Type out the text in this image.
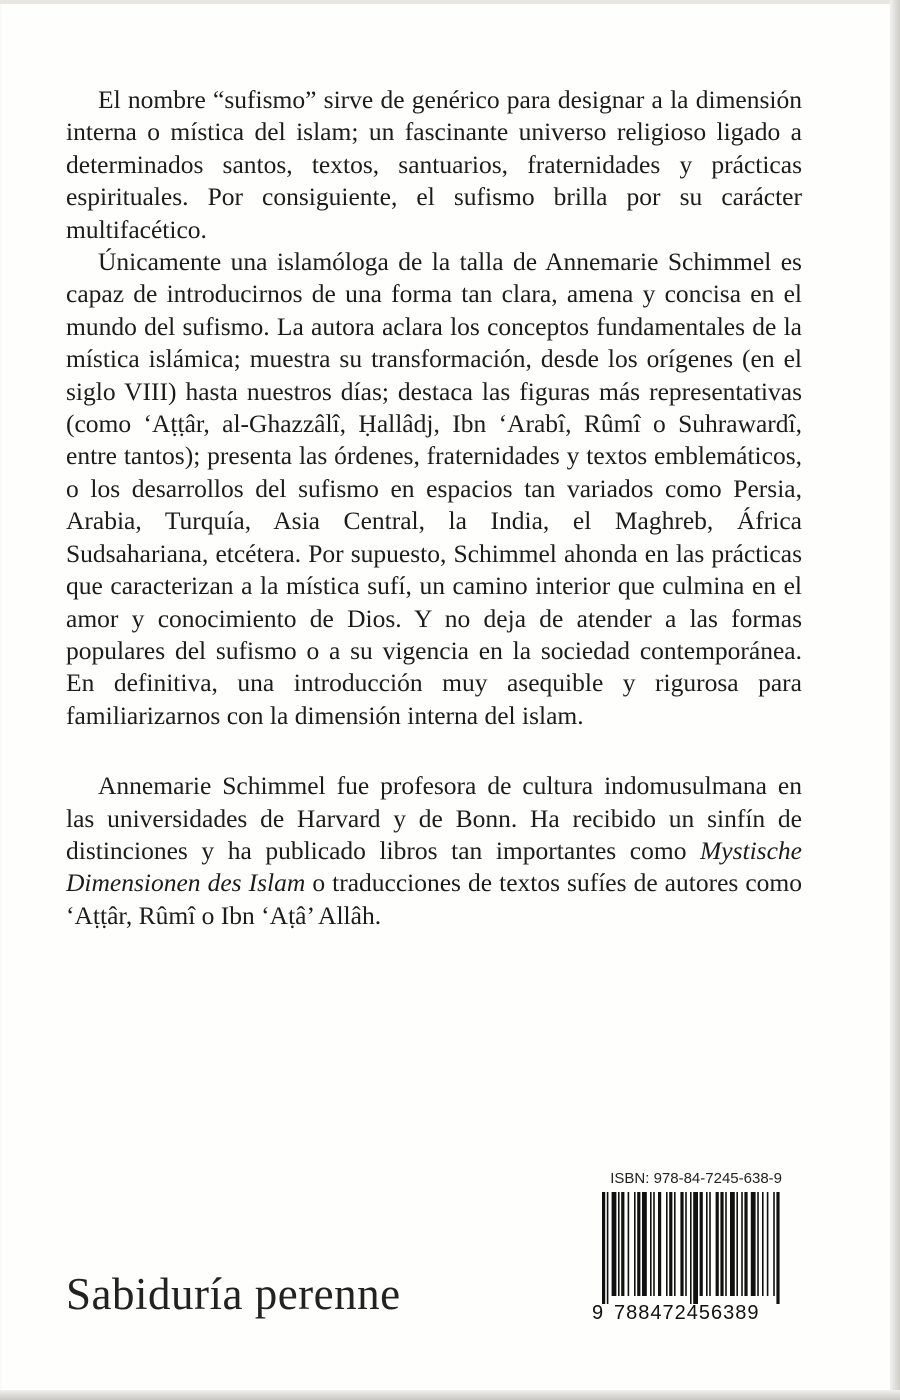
El nombre “sufismo” sirve de genérico para designar a la dimensión interna o mística del islam; un fascinante universo religioso ligado a determinados santos, textos, santuarios, fraternidades y prácticas espirituales. Por consiguiente, el sufismo brilla por su carácter multifacético.

Únicamente una islamóloga de la talla de Annemarie Schimmel es capaz de introducirnos de una forma tan clara, amena y concisa en el mundo del sufismo. La autora aclara los conceptos fundamentales de la mística islámica; muestra su transformación, desde los orígenes (en el siglo VIII) hasta nuestros días; destaca las figuras más representativas (como ‘Aṭṭâr, al-Ghazzâlî, Ḥallâdj, Ibn ‘Arabî, Rûmî o Suhrawardî, entre tantos); presenta las órdenes, fraternidades y textos emblemáticos, o los desarrollos del sufismo en espacios tan variados como Persia, Arabia, Turquía, Asia Central, la India, el Maghreb, África Sudsahariana, etcétera. Por supuesto, Schimmel ahonda en las prácticas que caracterizan a la mística sufí, un camino interior que culmina en el amor y conocimiento de Dios. Y no deja de atender a las formas populares del sufismo o a su vigencia en la sociedad contemporánea. En definitiva, una introducción muy asequible y rigurosa para familiarizarnos con la dimensión interna del islam.

Annemarie Schimmel fue profesora de cultura indomusulmana en las universidades de Harvard y de Bonn. Ha recibido un sinfín de distinciones y ha publicado libros tan importantes como Mystische Dimensionen des Islam o traducciones de textos sufíes de autores como ‘Aṭṭâr, Rûmî o Ibn ‘Aṭâ’ Allâh.

Sabiduría perenne
ISBN: 978-84-7245-638-9
9 788472456389
